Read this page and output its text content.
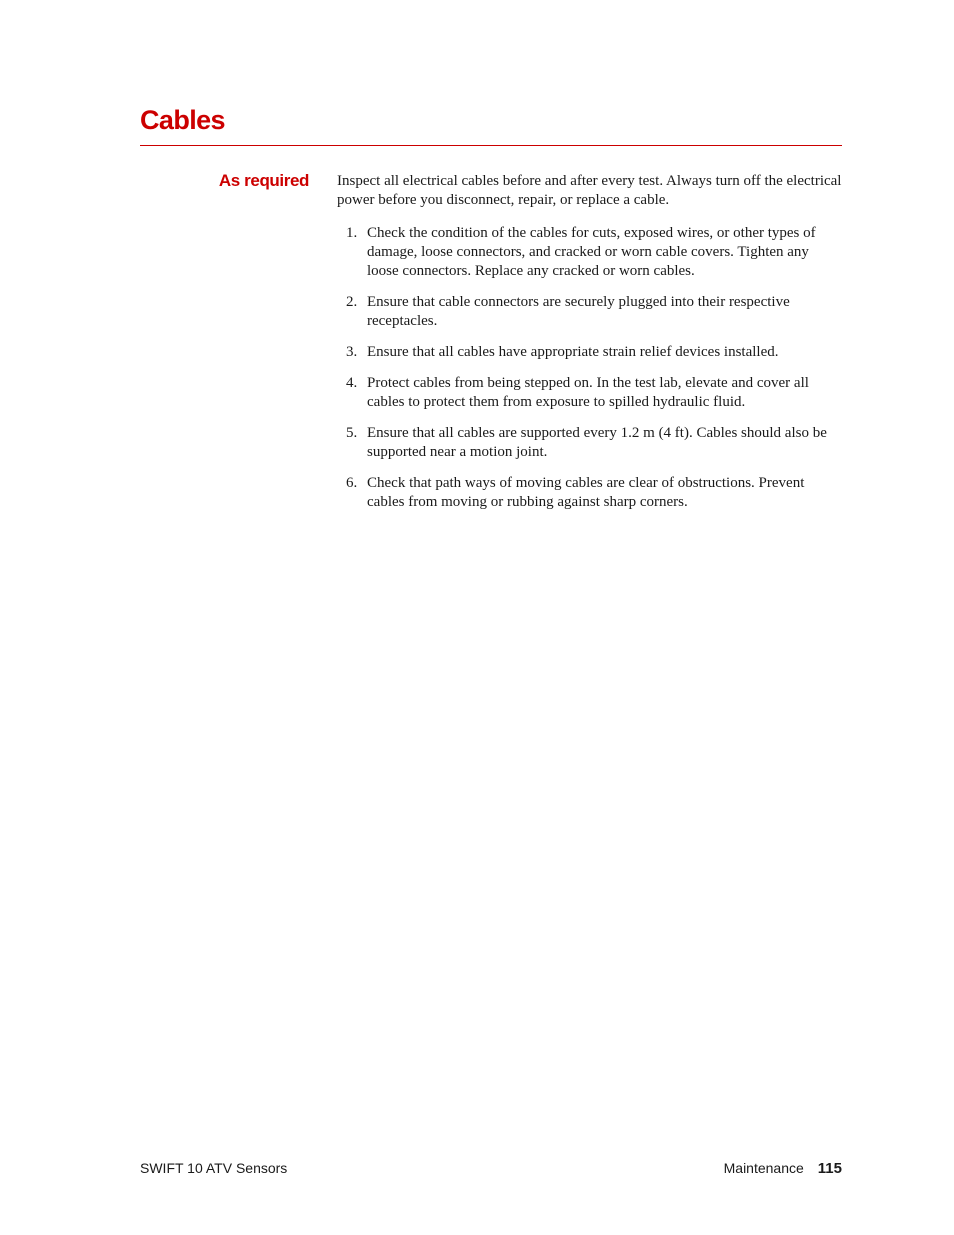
Cables
As required Inspect all electrical cables before and after every test. Always turn off the electrical power before you disconnect, repair, or replace a cable.

1. Check the condition of the cables for cuts, exposed wires, or other types of damage, loose connectors, and cracked or worn cable covers. Tighten any loose connectors. Replace any cracked or worn cables.
2. Ensure that cable connectors are securely plugged into their respective receptacles.
3. Ensure that all cables have appropriate strain relief devices installed.
4. Protect cables from being stepped on. In the test lab, elevate and cover all cables to protect them from exposure to spilled hydraulic fluid.
5. Ensure that all cables are supported every 1.2 m (4 ft). Cables should also be supported near a motion joint.
6. Check that path ways of moving cables are clear of obstructions. Prevent cables from moving or rubbing against sharp corners.
SWIFT 10 ATV Sensors	Maintenance 115
